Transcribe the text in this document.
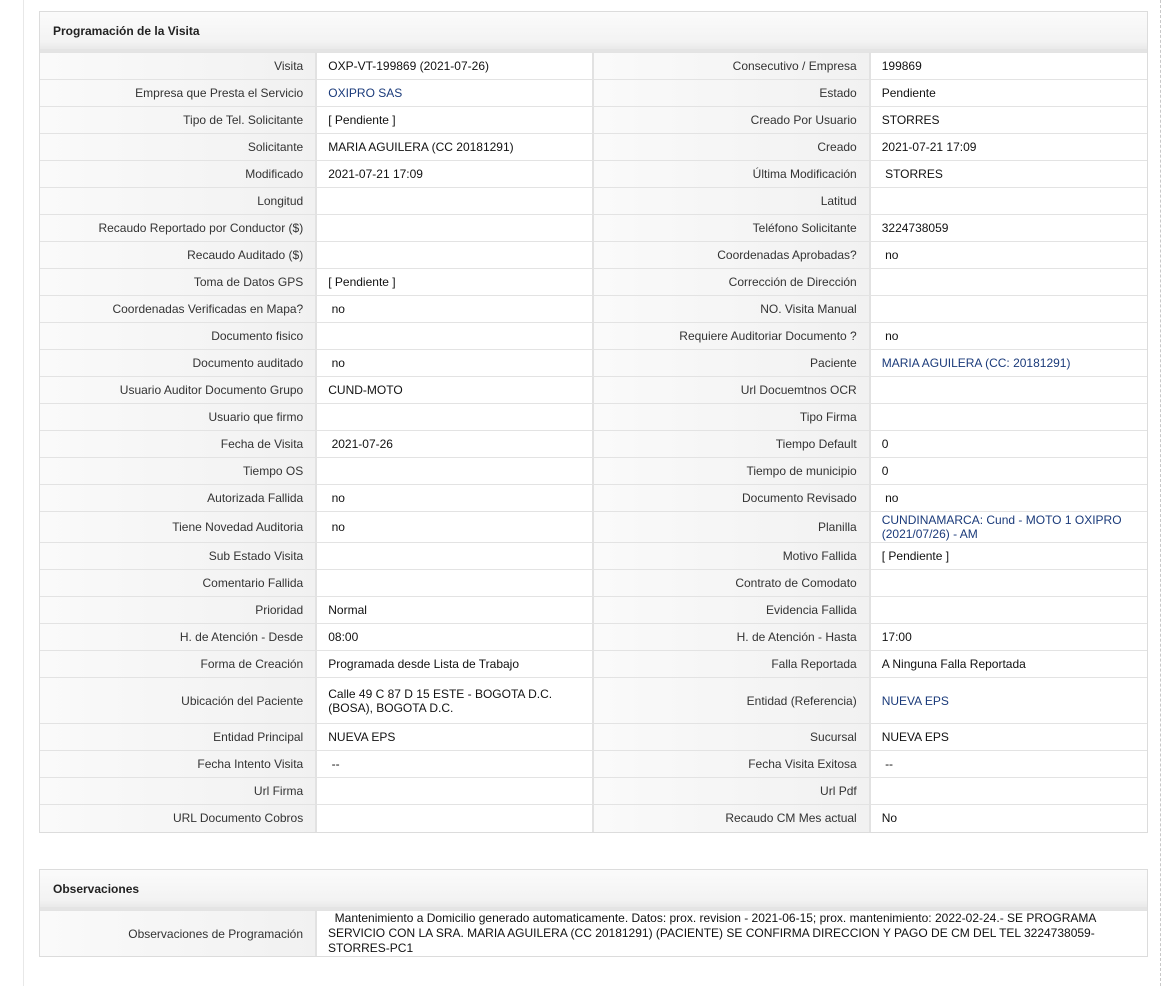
Programación de la Visita
Visita	OXP-VT-199869 (2021-07-26)	Consecutivo / Empresa	199869
Empresa que Presta el Servicio	OXIPRO SAS	Estado	Pendiente
Tipo de Tel. Solicitante	[ Pendiente ]	Creado Por Usuario	STORRES
Solicitante	MARIA AGUILERA (CC 20181291)	Creado	2021-07-21 17:09
Modificado	2021-07-21 17:09	Última Modificación	STORRES
Longitud		Latitud	
Recaudo Reportado por Conductor ($)		Teléfono Solicitante	3224738059
Recaudo Auditado ($)		Coordenadas Aprobadas?	no
Toma de Datos GPS	[ Pendiente ]	Corrección de Dirección	
Coordenadas Verificadas en Mapa?	no	NO. Visita Manual	
Documento fisico		Requiere Auditoriar Documento ?	no
Documento auditado	no	Paciente	MARIA AGUILERA (CC: 20181291)
Usuario Auditor Documento Grupo	CUND-MOTO	Url Docuemtnos OCR	
Usuario que firmo		Tipo Firma	
Fecha de Visita	2021-07-26	Tiempo Default	0
Tiempo OS		Tiempo de municipio	0
Autorizada Fallida	no	Documento Revisado	no
Tiene Novedad Auditoria	no	Planilla	CUNDINAMARCA: Cund - MOTO 1 OXIPRO (2021/07/26) - AM
Sub Estado Visita		Motivo Fallida	[ Pendiente ]
Comentario Fallida		Contrato de Comodato	
Prioridad	Normal	Evidencia Fallida	
H. de Atención - Desde	08:00	H. de Atención - Hasta	17:00
Forma de Creación	Programada desde Lista de Trabajo	Falla Reportada	A Ninguna Falla Reportada
Ubicación del Paciente	Calle 49 C 87 D 15 ESTE - BOGOTA D.C. (BOSA), BOGOTA D.C.	Entidad (Referencia)	NUEVA EPS
Entidad Principal	NUEVA EPS	Sucursal	NUEVA EPS
Fecha Intento Visita	--	Fecha Visita Exitosa	--
Url Firma		Url Pdf	
URL Documento Cobros		Recaudo CM Mes actual	No
Observaciones
Observaciones de Programación	Mantenimiento a Domicilio generado automaticamente. Datos: prox. revision - 2021-06-15; prox. mantenimiento: 2022-02-24.- SE PROGRAMA SERVICIO CON LA SRA. MARIA AGUILERA (CC 20181291) (PACIENTE) SE CONFIRMA DIRECCION Y PAGO DE CM DEL TEL 3224738059-STORRES-PC1
